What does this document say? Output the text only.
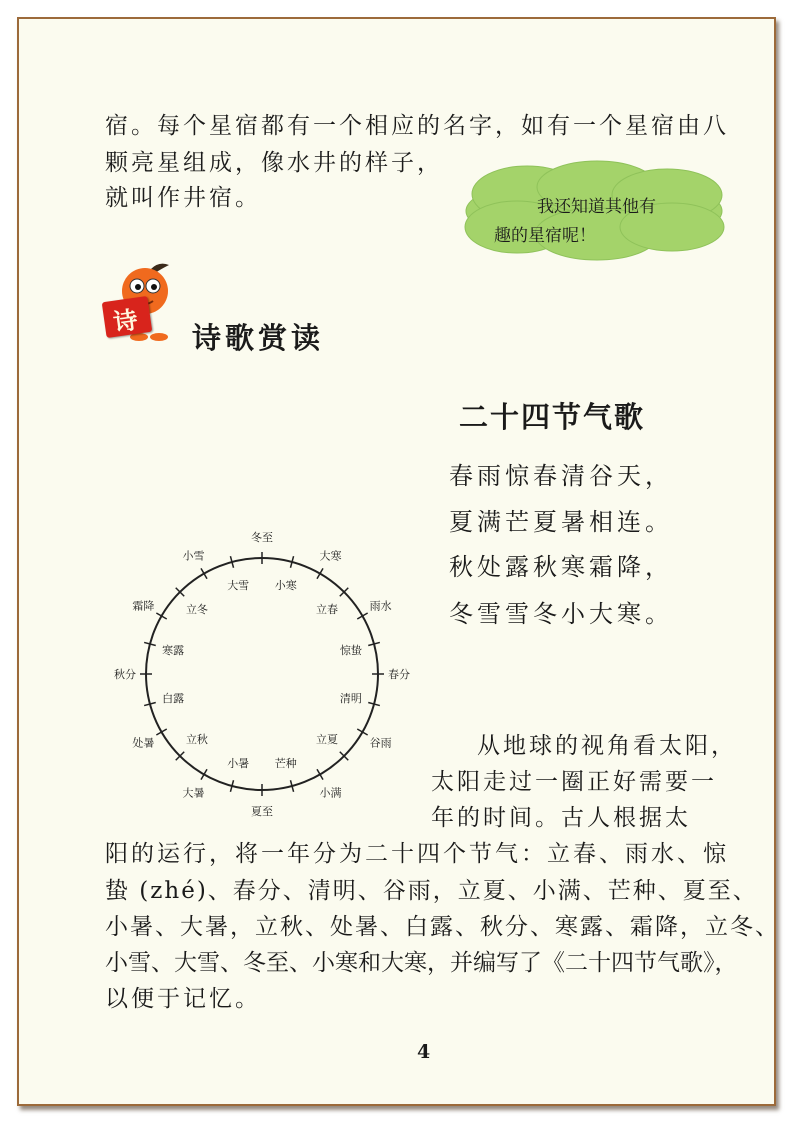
宿。每个星宿都有一个相应的名字，如有一个星宿由八
颗亮星组成，像水井的样子，
就叫作井宿。	我还知道其他有
趣的星宿呢！
诗 诗歌赏读
二十四节气歌
春雨惊春清谷天，
夏满芒夏暑相连。
秋处露秋寒霜降，
冬雪雪冬小大寒。
冬至
小寒
大寒
立春	雨水
惊蛰
春分
清明
谷雨
立夏
小满
芒种
夏至
小暑
大暑
立秋
处暑
白露
秋分
寒露
霜降	立冬
小雪
大雪
从地球的视角看太阳，
太阳走过一圈正好需要一
年的时间。古人根据太
阳的运行，将一年分为二十四个节气：立春、雨水、惊
蛰 (zhé)、春分、清明、谷雨，立夏、小满、芒种、夏至、
小暑、大暑，立秋、处暑、白露、秋分、寒露、霜降，立冬、
小雪、大雪、冬至、小寒和大寒，并编写了《二十四节气歌》，
以便于记忆。
4
